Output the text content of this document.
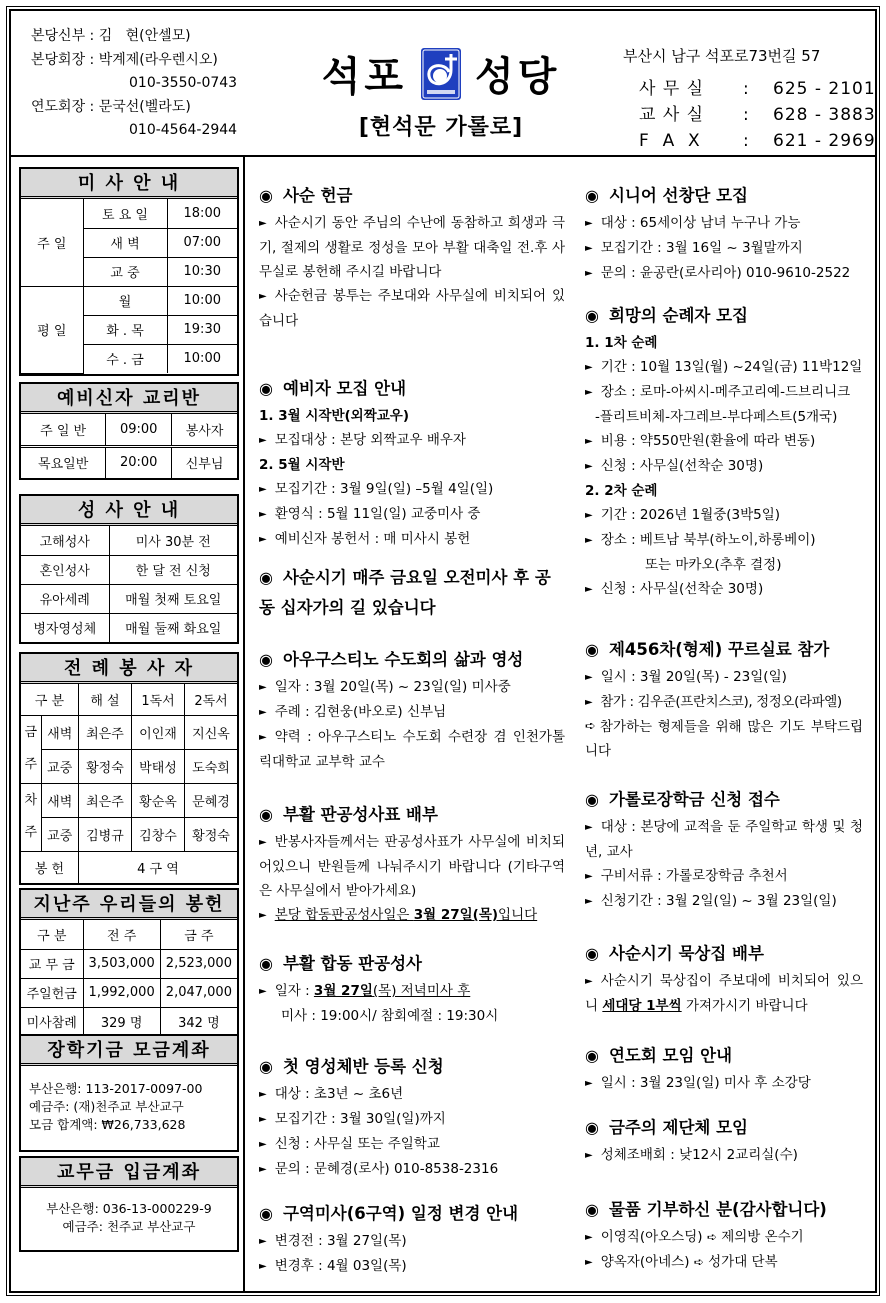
본당신부 : 김   현(안셀모)
본당회장 : 박계제(라우렌시오)
010-3550-0743
연도회장 : 문국선(벨라도)
010-4564-2944
석포 성당
[현석문 가롤로]
부산시 남구 석포로73번길 57
사 무 실	:	625 - 2101
교 사 실	:	628 - 3883
F  A  X	:	621 - 2969
미 사 안 내
주 일	토 요 일	18:00
	새 벽	07:00
	교 중	10:30
평 일	월	10:00
	화 . 목	19:30
	수 . 금	10:00
예비신자 교리반
주 일 반	09:00	봉사자
목요일반	20:00	신부님
성 사 안 내
고해성사	미사 30분 전
혼인성사	한 달 전 신청
유아세례	매월 첫째 토요일
병자영성체	매월 둘째 화요일
전 례 봉 사 자
구 분		해 설	1독서	2독서

금
주	새벽	최은주	이인재	지신옥
	교중	황정숙	박태성	도숙희

차
주	새벽	최은주	황순옥	문혜경
	교중	김병규	김창수	황정숙
봉 헌		4 구 역		
지난주 우리들의 봉헌
구 분	전 주	금 주
교 무 금	3,503,000	2,523,000
주일헌금	1,992,000	2,047,000
미사참례	329 명	342 명
장학기금 모금계좌
부산은행: 113-2017-0097-00
예금주: (재)천주교 부산교구
모금 합계액: ₩26,733,628
교무금 입금계좌
부산은행: 036-13-000229-9
예금주: 천주교 부산교구
◉ 사순 헌금
► 사순시기 동안 주님의 수난에 동참하고 희생과 극기, 절제의 생활로 정성을 모아 부활 대축일 전.후 사무실로 봉헌해 주시길 바랍니다
► 사순헌금 봉투는 주보대와 사무실에 비치되어 있습니다
◉ 예비자 모집 안내
1. 3월 시작반(외짝교우)
► 모집대상 : 본당 외짝교우 배우자
2. 5월 시작반
► 모집기간 : 3월 9일(일) –5월 4일(일)
► 환영식 : 5월 11일(일) 교중미사 중
► 예비신자 봉헌서 : 매 미사시 봉헌
◉ 사순시기 매주 금요일 오전미사 후 공동 십자가의 길 있습니다
◉ 아우구스티노 수도회의 삶과 영성
► 일자 : 3월 20일(목) ~ 23일(일) 미사중
► 주례 : 김현웅(바오로) 신부님
► 약력 : 아우구스티노 수도회 수련장 겸 인천가톨릭대학교 교부학 교수
◉ 부활 판공성사표 배부
► 반봉사자들께서는 판공성사표가 사무실에 비치되어있으니 반원들께 나눠주시기 바랍니다 (기타구역은 사무실에서 받아가세요)
► 본당 합동판공성사일은 3월 27일(목)입니다
◉ 부활 합동 판공성사
► 일자 : 3월 27일(목) 저녁미사 후
미사 : 19:00시/ 참회예절 : 19:30시
◉ 첫 영성체반 등록 신청
► 대상 : 초3년 ~ 초6년
► 모집기간 : 3월 30일(일)까지
► 신청 : 사무실 또는 주일학교
► 문의 : 문혜경(로사) 010-8538-2316
◉ 구역미사(6구역) 일정 변경 안내
► 변경전 : 3월 27일(목)
► 변경후 : 4월 03일(목)
◉ 시니어 선창단 모집
► 대상 : 65세이상 남녀 누구나 가능
► 모집기간 : 3월 16일 ~ 3월말까지
► 문의 : 윤공란(로사리아) 010-9610-2522
◉ 희망의 순례자 모집
1. 1차 순례
► 기간 : 10월 13일(월) ~24일(금) 11박12일
► 장소 : 로마-아씨시-메주고리예-드브리니크
-플리트비체-자그레브-부다페스트(5개국)
► 비용 : 약550만원(환율에 따라 변동)
► 신청 : 사무실(선착순 30명)
2. 2차 순례
► 기간 : 2026년 1월중(3박5일)
► 장소 : 베트남 북부(하노이,하롱베이)
또는 마카오(추후 결정)
► 신청 : 사무실(선착순 30명)
◉ 제456차(형제) 꾸르실료 참가
► 일시 : 3월 20일(목) - 23일(일)
► 참가 : 김우준(프란치스코), 정정오(라파엘)
➪ 참가하는 형제들을 위해 많은 기도 부탁드립니다
◉ 가롤로장학금 신청 접수
► 대상 : 본당에 교적을 둔 주일학교 학생 및 청년, 교사
► 구비서류 : 가롤로장학금 추천서
► 신청기간 : 3월 2일(일) ~ 3월 23일(일)
◉ 사순시기 묵상집 배부
► 사순시기 묵상집이 주보대에 비치되어 있으니 세대당 1부씩 가져가시기 바랍니다
◉ 연도회 모임 안내
► 일시 : 3월 23일(일) 미사 후 소강당
◉ 금주의 제단체 모임
► 성체조배회 : 낮12시 2교리실(수)
◉ 물품 기부하신 분(감사합니다)
► 이영직(아오스딩) ➪ 제의방 온수기
► 양옥자(아네스) ➪ 성가대 단복
